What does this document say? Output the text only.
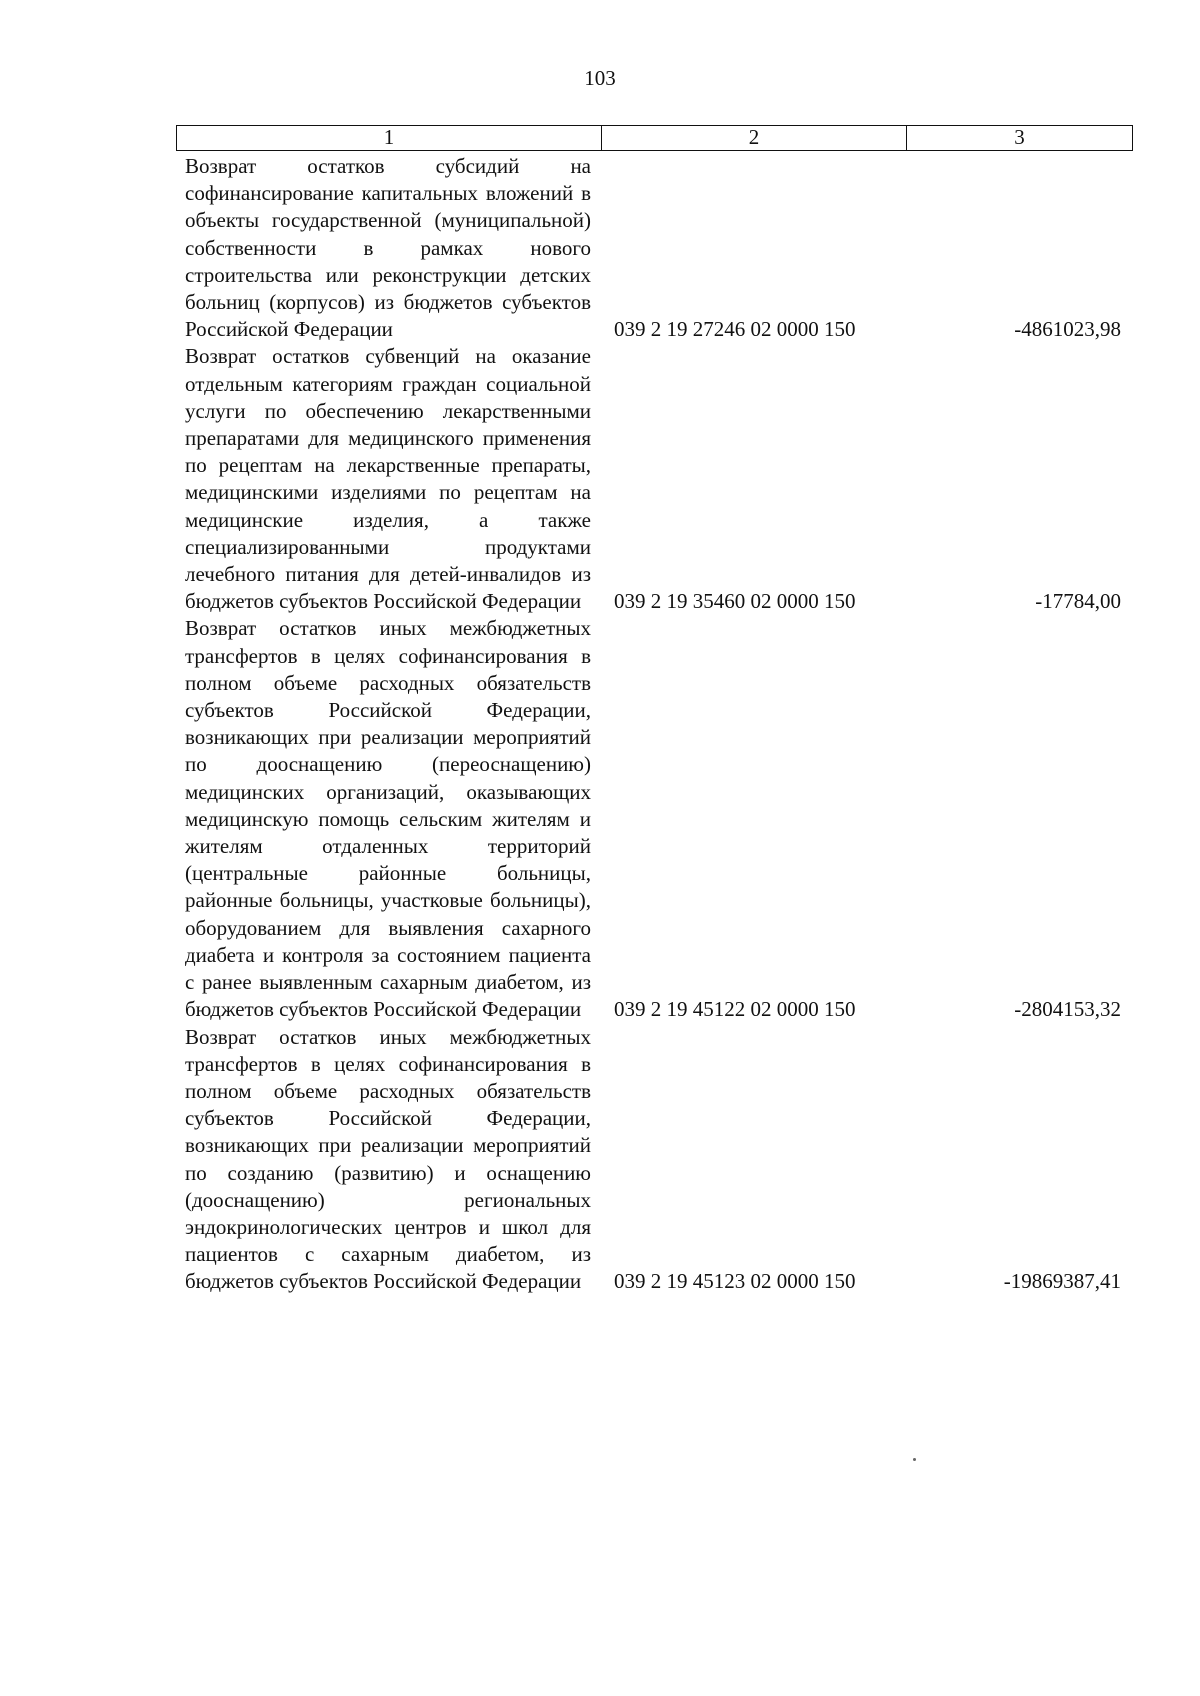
103
1	2	3
Возврат остатков субсидий на софинансирование капитальных вложений в объекты государственной (муниципальной) собственности в рамках нового строительства или реконструкции детских больниц (корпусов) из бюджетов субъектов Российской Федерации	039 2 19 27246 02 0000 150	-4861023,98
Возврат остатков субвенций на оказание отдельным категориям граждан социальной услуги по обеспечению лекарственными препаратами для медицинского применения по рецептам на лекарственные препараты, медицинскими изделиями по рецептам на медицинские изделия, а также специализированными продуктами лечебного питания для детей-инвалидов из бюджетов субъектов Российской Федерации	039 2 19 35460 02 0000 150	-17784,00
Возврат остатков иных межбюджетных трансфертов в целях софинансирования в полном объеме расходных обязательств субъектов Российской Федерации, возникающих при реализации мероприятий по дооснащению (переоснащению) медицинских организаций, оказывающих медицинскую помощь сельским жителям и жителям отдаленных территорий (центральные районные больницы, районные больницы, участковые больницы), оборудованием для выявления сахарного диабета и контроля за состоянием пациента с ранее выявленным сахарным диабетом, из бюджетов субъектов Российской Федерации	039 2 19 45122 02 0000 150	-2804153,32
Возврат остатков иных межбюджетных трансфертов в целях софинансирования в полном объеме расходных обязательств субъектов Российской Федерации, возникающих при реализации мероприятий по созданию (развитию) и оснащению (дооснащению) региональных эндокринологических центров и школ для пациентов с сахарным диабетом, из бюджетов субъектов Российской Федерации	039 2 19 45123 02 0000 150	-19869387,41
